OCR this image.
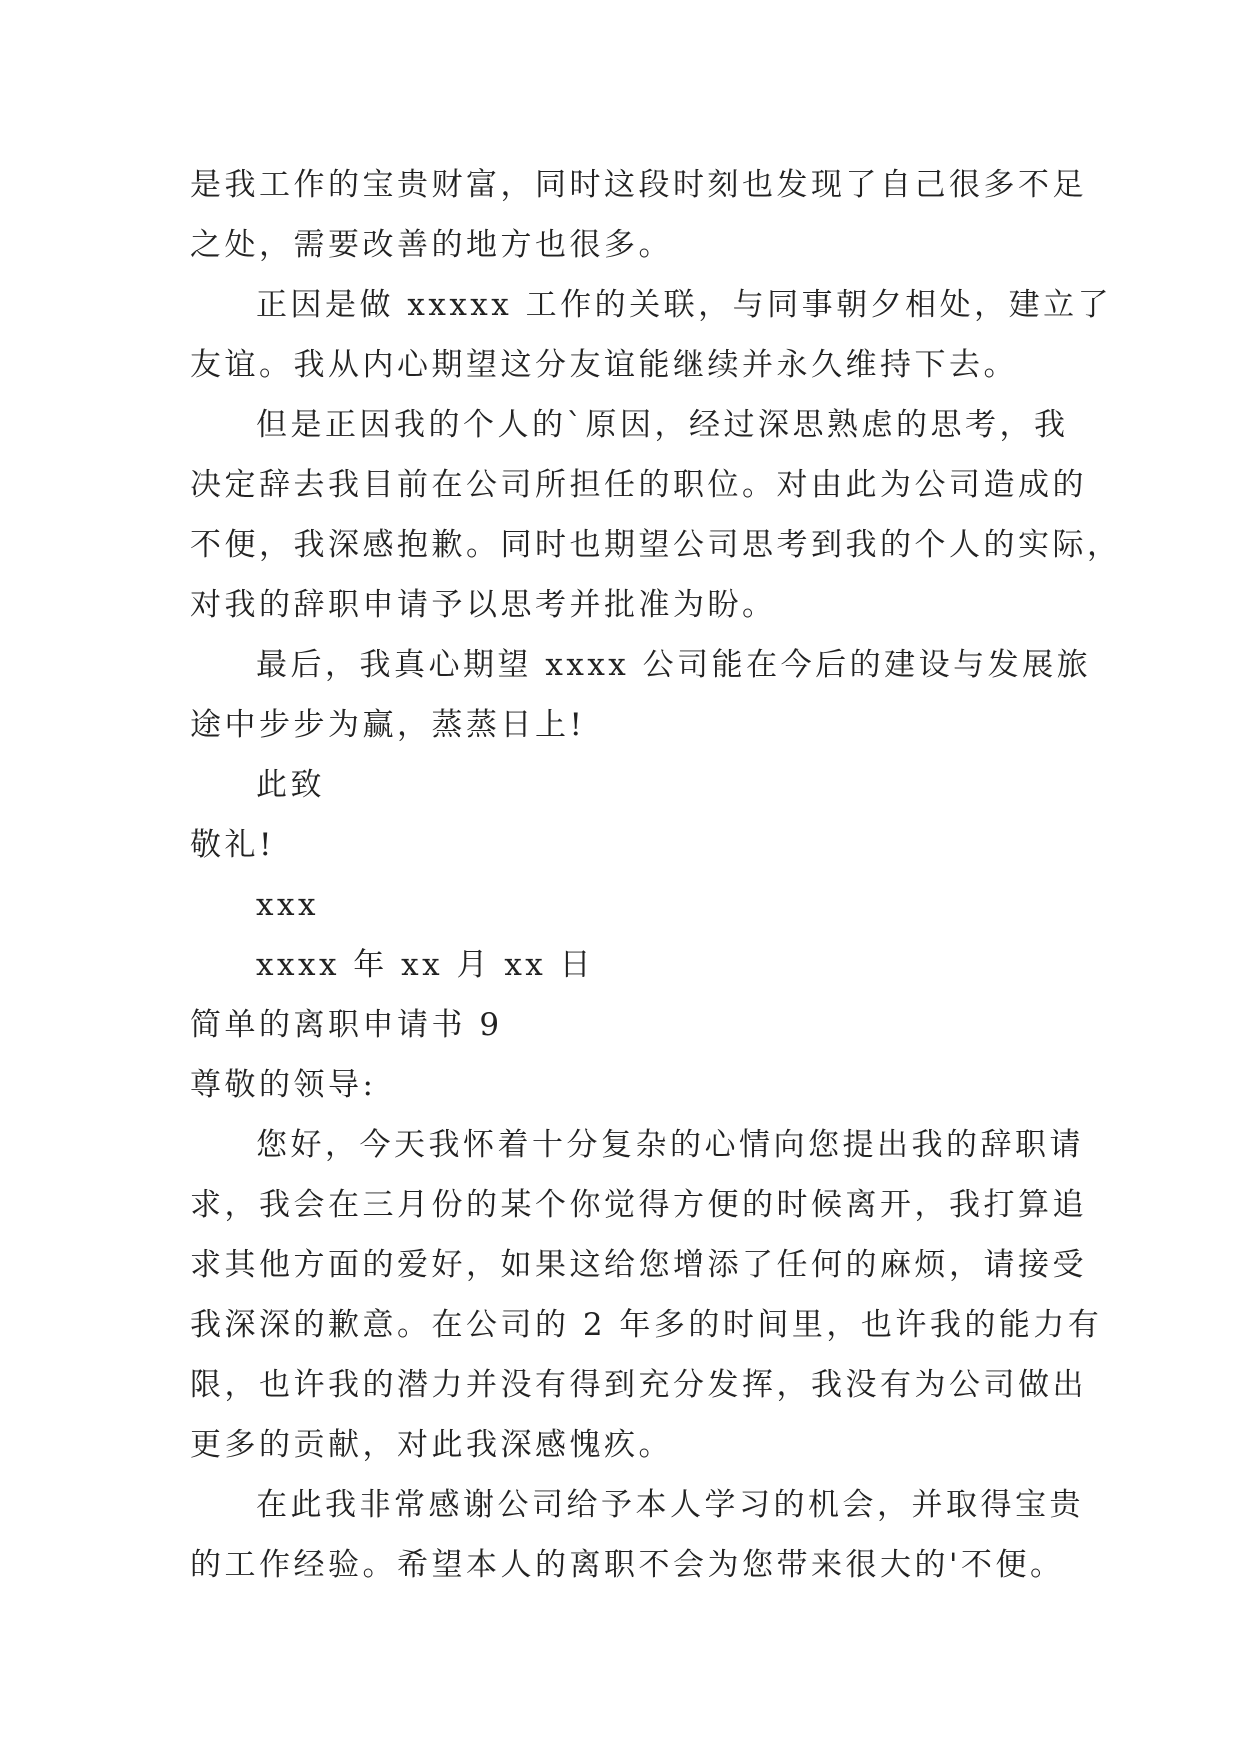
是我工作的宝贵财富，同时这段时刻也发现了自己很多不足
之处，需要改善的地方也很多。
正因是做 xxxxx 工作的关联，与同事朝夕相处，建立了
友谊。我从内心期望这分友谊能继续并永久维持下去。
但是正因我的个人的`原因，经过深思熟虑的思考，我
决定辞去我目前在公司所担任的职位。对由此为公司造成的
不便，我深感抱歉。同时也期望公司思考到我的个人的实际，
对我的辞职申请予以思考并批准为盼。
最后，我真心期望 xxxx 公司能在今后的建设与发展旅
途中步步为赢，蒸蒸日上!
此致
敬礼!
xxx
xxxx 年 xx 月 xx 日
简单的离职申请书 9
尊敬的领导:
您好，今天我怀着十分复杂的心情向您提出我的辞职请
求，我会在三月份的某个你觉得方便的时候离开，我打算追
求其他方面的爱好，如果这给您增添了任何的麻烦，请接受
我深深的歉意。在公司的 2 年多的时间里，也许我的能力有
限，也许我的潜力并没有得到充分发挥，我没有为公司做出
更多的贡献，对此我深感愧疚。
在此我非常感谢公司给予本人学习的机会，并取得宝贵
的工作经验。希望本人的离职不会为您带来很大的'不便。
